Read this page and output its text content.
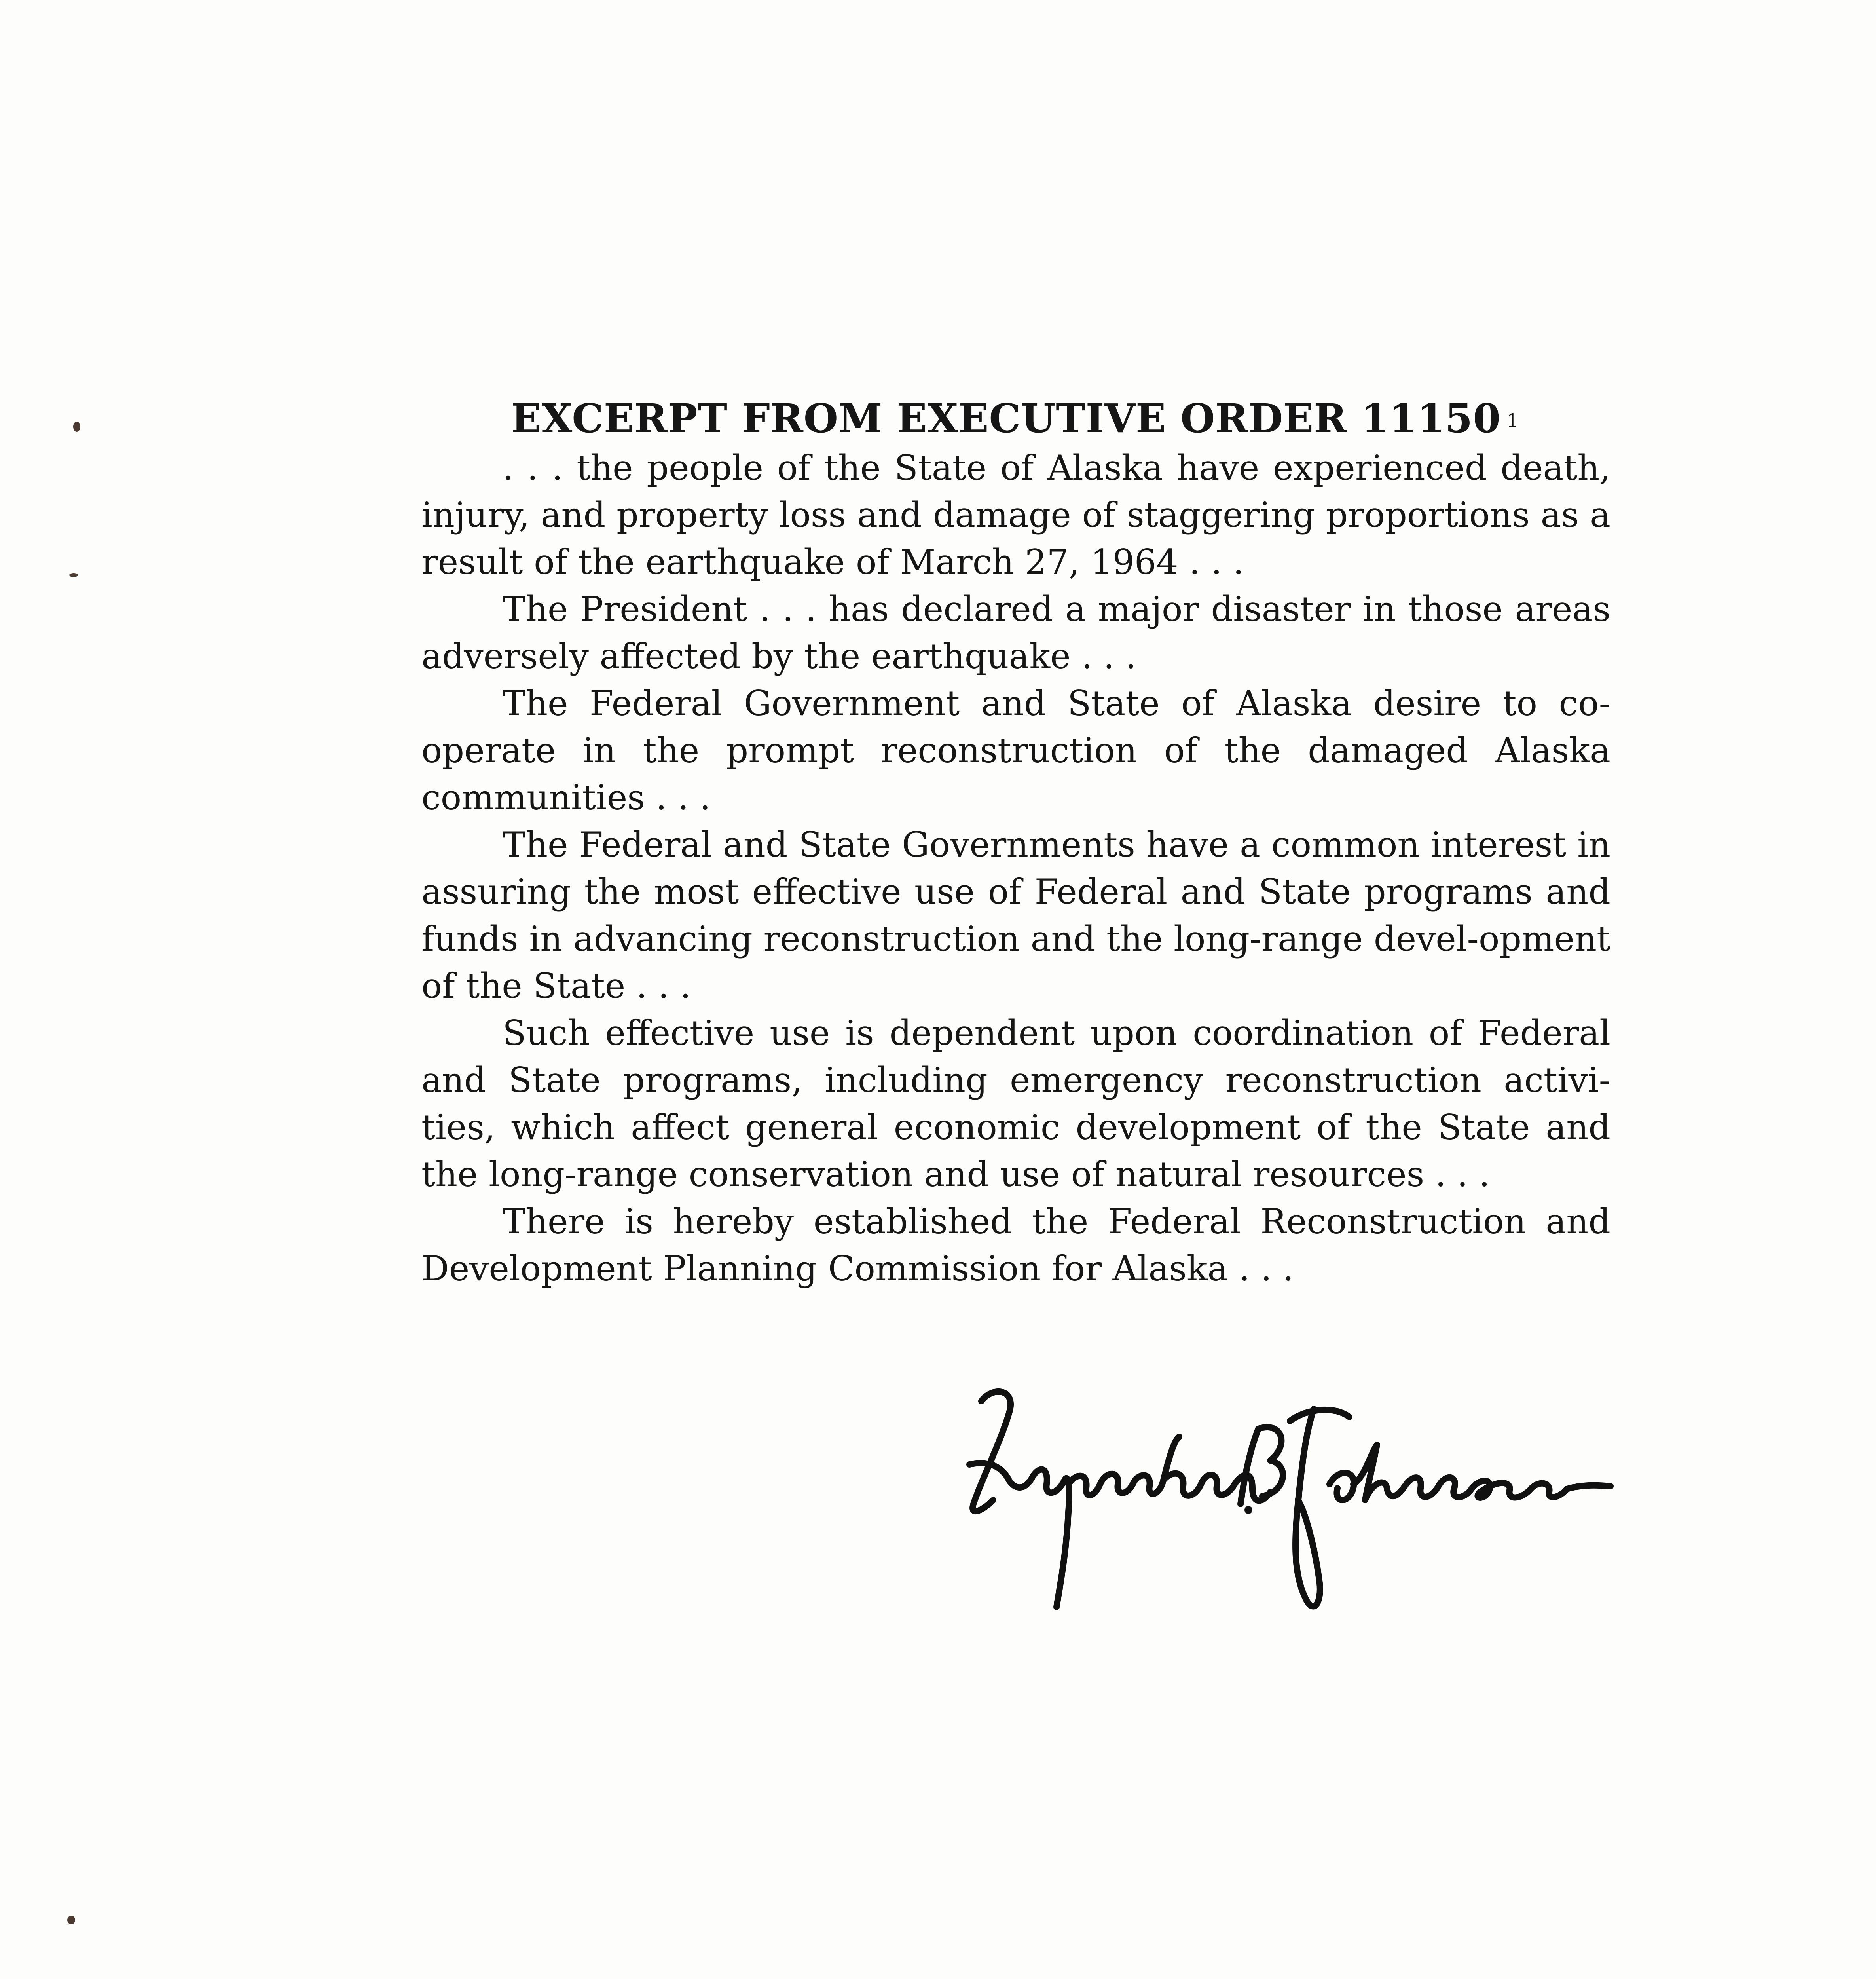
EXCERPT FROM EXECUTIVE ORDER 11150 $^1$

. . . the people of the State of Alaska have experienced death, injury, and property loss and damage of staggering proportions as a result of the earthquake of March 27, 1964 . . .

The President . . . has declared a major disaster in those areas adversely affected by the earthquake . . .

The Federal Government and State of Alaska desire to co-operate in the prompt reconstruction of the damaged Alaska communities . . .

The Federal and State Governments have a common interest in assuring the most effective use of Federal and State programs and funds in advancing reconstruction and the long-range devel-opment of the State . . .

Such effective use is dependent upon coordination of Federal and State programs, including emergency reconstruction activi-ties, which affect general economic development of the State and the long-range conservation and use of natural resources . . .

There is hereby established the Federal Reconstruction and Development Planning Commission for Alaska . . .
